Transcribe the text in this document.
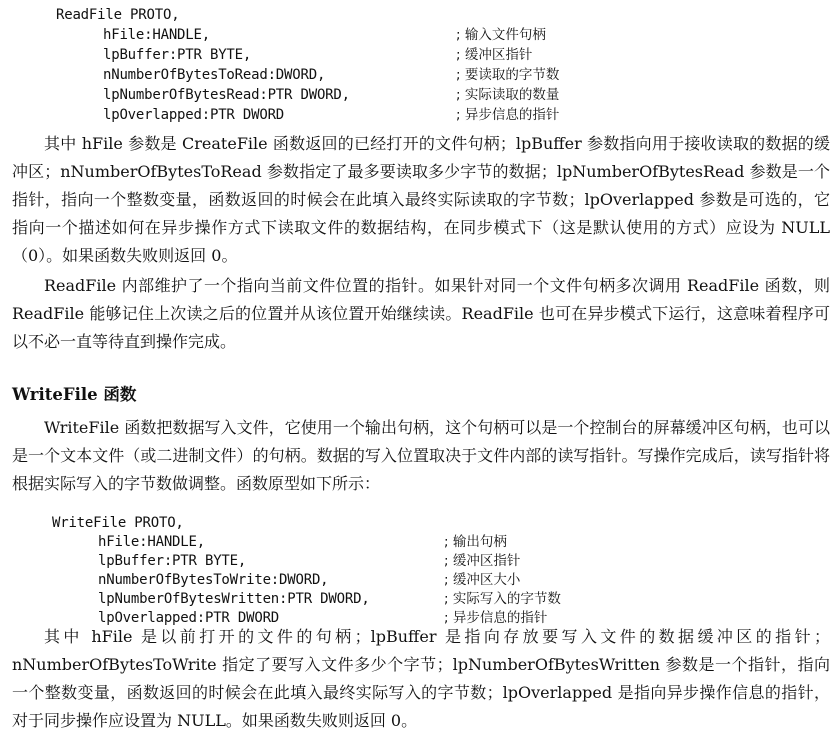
ReadFile PROTO,
hFile:HANDLE,	; 输入文件句柄
lpBuffer:PTR BYTE,	; 缓冲区指针
nNumberOfBytesToRead:DWORD,	; 要读取的字节数
lpNumberOfBytesRead:PTR DWORD,	; 实际读取的数量
lpOverlapped:PTR DWORD	; 异步信息的指针

其中 hFile 参数是 CreateFile 函数返回的已经打开的文件句柄；lpBuffer 参数指向用于接收读取的数据的缓冲区；nNumberOfBytesToRead 参数指定了最多要读取多少字节的数据；lpNumberOfBytesRead 参数是一个指针，指向一个整数变量，函数返回的时候会在此填入最终实际读取的字节数；lpOverlapped 参数是可选的，它指向一个描述如何在异步操作方式下读取文件的数据结构，在同步模式下（这是默认使用的方式）应设为 NULL（0）。如果函数失败则返回 0。

ReadFile 内部维护了一个指向当前文件位置的指针。如果针对同一个文件句柄多次调用 ReadFile 函数，则 ReadFile 能够记住上次读之后的位置并从该位置开始继续读。ReadFile 也可在异步模式下运行，这意味着程序可以不必一直等待直到操作完成。

WriteFile 函数

WriteFile 函数把数据写入文件，它使用一个输出句柄，这个句柄可以是一个控制台的屏幕缓冲区句柄，也可以是一个文本文件（或二进制文件）的句柄。数据的写入位置取决于文件内部的读写指针。写操作完成后，读写指针将根据实际写入的字节数做调整。函数原型如下所示：

WriteFile PROTO,
hFile:HANDLE,	; 输出句柄
lpBuffer:PTR BYTE,	; 缓冲区指针
nNumberOfBytesToWrite:DWORD,	; 缓冲区大小
lpNumberOfBytesWritten:PTR DWORD,	; 实际写入的字节数
lpOverlapped:PTR DWORD	; 异步信息的指针

其中 hFile 是以前打开的文件的句柄；lpBuffer 是指向存放要写入文件的数据缓冲区的指针；nNumberOfBytesToWrite 指定了要写入文件多少个字节；lpNumberOfBytesWritten 参数是一个指针，指向一个整数变量，函数返回的时候会在此填入最终实际写入的字节数；lpOverlapped 是指向异步操作信息的指针，对于同步操作应设置为 NULL。如果函数失败则返回 0。
